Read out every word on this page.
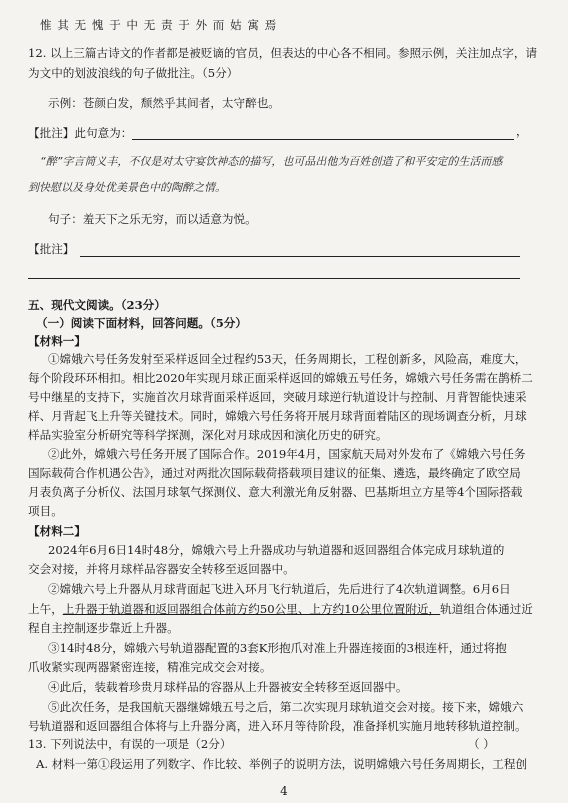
惟 其 无 愧 于 中 无 责 于 外 而 姑 寓 焉
12. 以上三篇古诗文的作者都是被贬谪的官员，但表达的中心各不相同。参照示例，关注加点字，请
为文中的划波浪线的句子做批注。（5分）
示例：苍颜白发，颓然乎其间者，太守醉也。
【批注】此句意为：	，
“醉”字言简义丰，不仅是对太守宴饮神态的描写，也可品出他为百姓创造了和平安定的生活而感
到快慰以及身处优美景色中的陶醉之情。
句子：羞天下之乐无穷，而以适意为悦。
【批注】
五、现代文阅读。（23分）
（一）阅读下面材料，回答问题。（5分）
【材料一】
①嫦娥六号任务发射至采样返回全过程约53天，任务周期长，工程创新多，风险高，难度大，
每个阶段环环相扣。相比2020年实现月球正面采样返回的嫦娥五号任务，嫦娥六号任务需在鹊桥二
号中继星的支持下，实施首次月球背面采样返回，突破月球逆行轨道设计与控制、月背智能快速采
样、月背起飞上升等关键技术。同时，嫦娥六号任务将开展月球背面着陆区的现场调查分析，月球
样品实验室分析研究等科学探测，深化对月球成因和演化历史的研究。
②此外，嫦娥六号任务开展了国际合作。2019年4月，国家航天局对外发布了《嫦娥六号任务
国际载荷合作机遇公告》，通过对两批次国际载荷搭载项目建议的征集、遴选，最终确定了欧空局
月表负离子分析仪、法国月球氡气探测仪、意大利激光角反射器、巴基斯坦立方星等4个国际搭载
项目。
【材料二】
2024年6月6日14时48分，嫦娥六号上升器成功与轨道器和返回器组合体完成月球轨道的
交会对接，并将月球样品容器安全转移至返回器中。
②嫦娥六号上升器从月球背面起飞进入环月飞行轨道后，先后进行了4次轨道调整。6月6日
上午，上升器于轨道器和返回器组合体前方约50公里、上方约10公里位置附近，轨道组合体通过近
程自主控制逐步靠近上升器。
③14时48分，嫦娥六号轨道器配置的3套K形抱爪对准上升器连接面的3根连杆，通过将抱
爪收紧实现两器紧密连接，精准完成交会对接。
④此后，装载着珍贵月球样品的容器从上升器被安全转移至返回器中。
⑤此次任务，是我国航天器继嫦娥五号之后，第二次实现月球轨道交会对接。接下来，嫦娥六
号轨道器和返回器组合体将与上升器分离，进入环月等待阶段，准备择机实施月地转移轨道控制。
13. 下列说法中，有误的一项是（2分）	（ ）
A. 材料一第①段运用了列数字、作比较、举例子的说明方法，说明嫦娥六号任务周期长，工程创
4
